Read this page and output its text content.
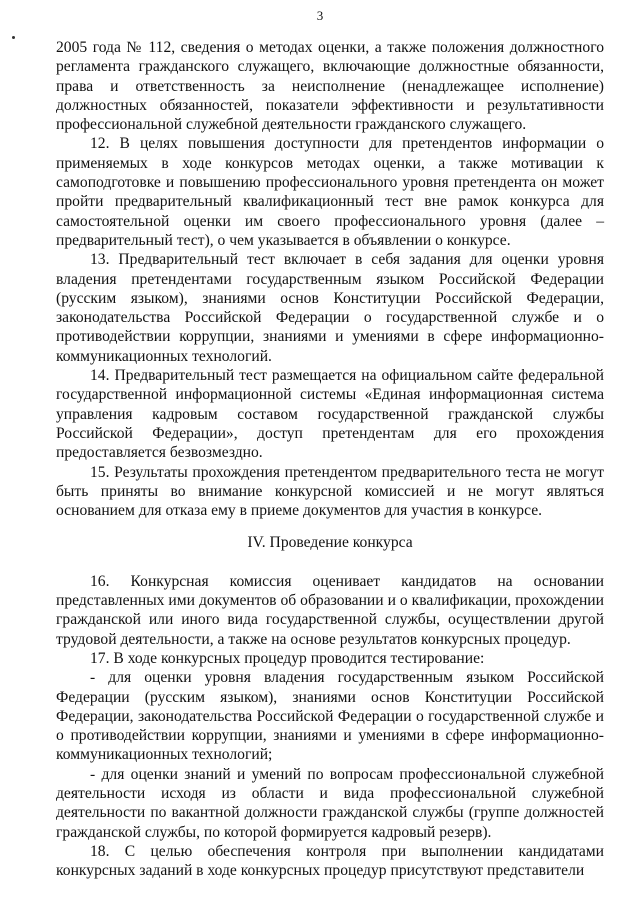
3

2005 года № 112, сведения о методах оценки, а также положения должностного регламента гражданского служащего, включающие должностные обязанности, права и ответственность за неисполнение (ненадлежащее исполнение) должностных обязанностей, показатели эффективности и результативности профессиональной служебной деятельности гражданского служащего.

12. В целях повышения доступности для претендентов информации о применяемых в ходе конкурсов методах оценки, а также мотивации к самоподготовке и повышению профессионального уровня претендента он может пройти предварительный квалификационный тест вне рамок конкурса для самостоятельной оценки им своего профессионального уровня (далее – предварительный тест), о чем указывается в объявлении о конкурсе.

13. Предварительный тест включает в себя задания для оценки уровня владения претендентами государственным языком Российской Федерации (русским языком), знаниями основ Конституции Российской Федерации, законодательства Российской Федерации о государственной службе и о противодействии коррупции, знаниями и умениями в сфере информационно-коммуникационных технологий.

14. Предварительный тест размещается на официальном сайте федеральной государственной информационной системы «Единая информационная система управления кадровым составом государственной гражданской службы Российской Федерации», доступ претендентам для его прохождения предоставляется безвозмездно.

15. Результаты прохождения претендентом предварительного теста не могут быть приняты во внимание конкурсной комиссией и не могут являться основанием для отказа ему в приеме документов для участия в конкурсе.

IV. Проведение конкурса

16. Конкурсная комиссия оценивает кандидатов на основании представленных ими документов об образовании и о квалификации, прохождении гражданской или иного вида государственной службы, осуществлении другой трудовой деятельности, а также на основе результатов конкурсных процедур.

17. В ходе конкурсных процедур проводится тестирование:

- для оценки уровня владения государственным языком Российской Федерации (русским языком), знаниями основ Конституции Российской Федерации, законодательства Российской Федерации о государственной службе и о противодействии коррупции, знаниями и умениями в сфере информационно-коммуникационных технологий;

- для оценки знаний и умений по вопросам профессиональной служебной деятельности исходя из области и вида профессиональной служебной деятельности по вакантной должности гражданской службы (группе должностей гражданской службы, по которой формируется кадровый резерв).

18. С целью обеспечения контроля при выполнении кандидатами конкурсных заданий в ходе конкурсных процедур присутствуют представители
